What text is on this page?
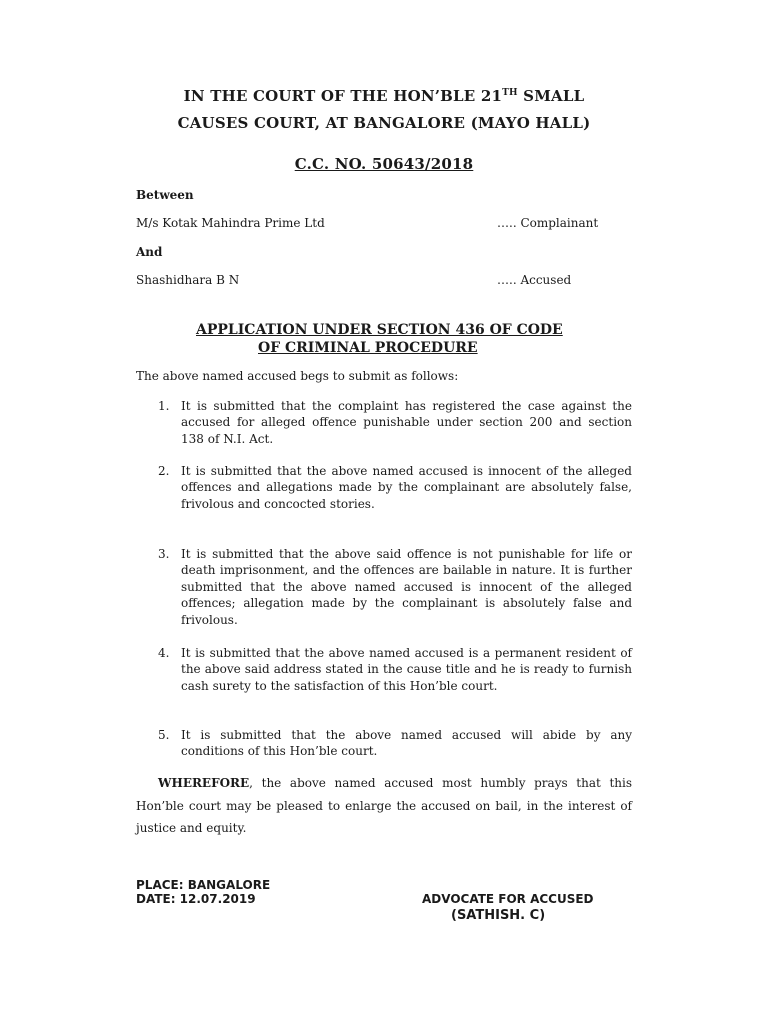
IN THE COURT OF THE HON’BLE 21TH SMALL
CAUSES COURT, AT BANGALORE (MAYO HALL)
C.C. NO. 50643/2018
Between
M/s Kotak Mahindra Prime Ltd	….. Complainant
And
Shashidhara B N	….. Accused
APPLICATION UNDER SECTION 436 OF CODE
OF CRIMINAL PROCEDURE
The above named accused begs to submit as follows:
1. It is submitted that the complaint has registered the case against the accused for alleged offence punishable under section 200 and section 138 of N.I. Act.
2. It is submitted that the above named accused is innocent of the alleged offences and allegations made by the complainant are absolutely false, frivolous and concocted stories.
3. It is submitted that the above said offence is not punishable for life or death imprisonment, and the offences are bailable in nature. It is further submitted that the above named accused is innocent of the alleged offences; allegation made by the complainant is absolutely false and frivolous.
4. It is submitted that the above named accused is a permanent resident of the above said address stated in the cause title and he is ready to furnish cash surety to the satisfaction of this Hon’ble court.
5. It is submitted that the above named accused will abide by any conditions of this Hon’ble court.
WHEREFORE, the above named accused most humbly prays that this Hon’ble court may be pleased to enlarge the accused on bail, in the interest of justice and equity.
PLACE: BANGALORE
DATE: 12.07.2019	ADVOCATE FOR ACCUSED
(SATHISH. C)
